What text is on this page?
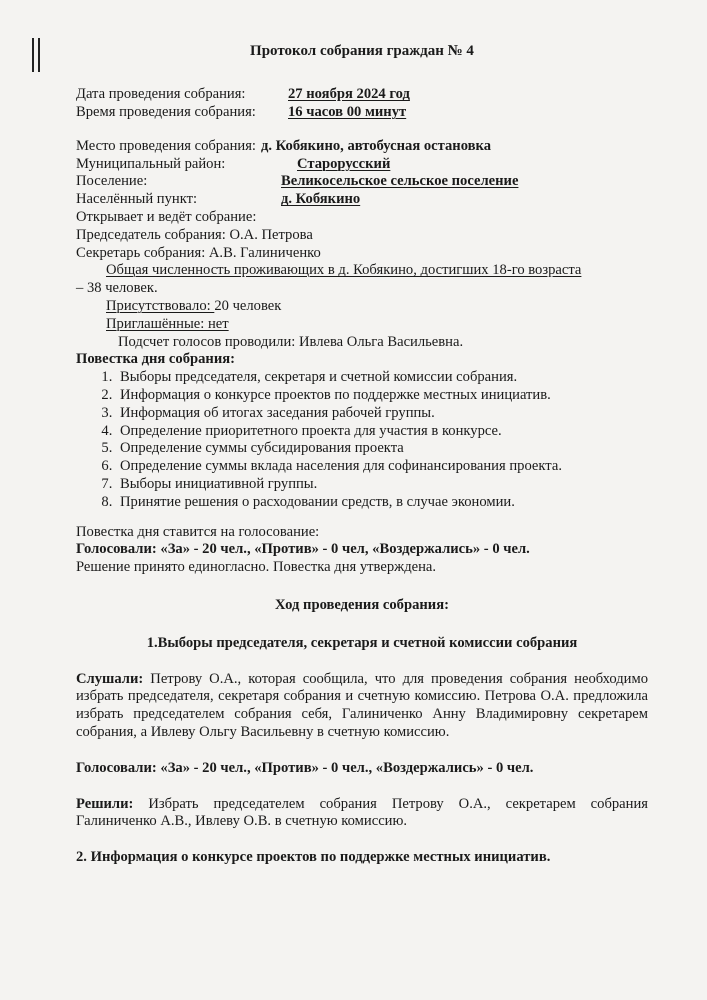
Протокол собрания граждан № 4
Дата проведения собрания:	27 ноября 2024 год
Время проведения собрания: 16 часов 00 минут
Место проведения собрания: д. Кобякино, автобусная остановка
Муниципальный район:	Старорусский
Поселение:	Великосельское сельское поселение
Населённый пункт:	д. Кобякино
Открывает и ведёт собрание:
Председатель собрания: О.А. Петрова
Секретарь собрания: А.В. Галиниченко
Общая численность проживающих в д. Кобякино, достигших 18-го возраста
– 38 человек.
Присутствовало: 20 человек
Приглашённые: нет
Подсчет голосов проводили: Ивлева Ольга Васильевна.
Повестка дня собрания:
1. Выборы председателя, секретаря и счетной комиссии собрания.
2. Информация о конкурсе проектов по поддержке местных инициатив.
3. Информация об итогах заседания рабочей группы.
4. Определение приоритетного проекта для участия в конкурсе.
5. Определение суммы субсидирования проекта
6. Определение суммы вклада населения для софинансирования проекта.
7. Выборы инициативной группы.
8. Принятие решения о расходовании средств, в случае экономии.
Повестка дня ставится на голосование:
Голосовали: «За» - 20 чел., «Против» - 0 чел, «Воздержались» - 0 чел.
Решение принято единогласно. Повестка дня утверждена.
Ход проведения собрания:
1.Выборы председателя, секретаря и счетной комиссии собрания
Слушали: Петрову О.А., которая сообщила, что для проведения собрания необходимо избрать председателя, секретаря собрания и счетную комиссию. Петрова О.А. предложила избрать председателем собрания себя, Галиниченко Анну Владимировну секретарем собрания, а Ивлеву Ольгу Васильевну в счетную комиссию.
Голосовали: «За» - 20 чел., «Против» - 0 чел., «Воздержались» - 0 чел.
Решили: Избрать председателем собрания Петрову О.А., секретарем собрания Галиниченко А.В., Ивлеву О.В. в счетную комиссию.
2. Информация о конкурсе проектов по поддержке местных инициатив.
